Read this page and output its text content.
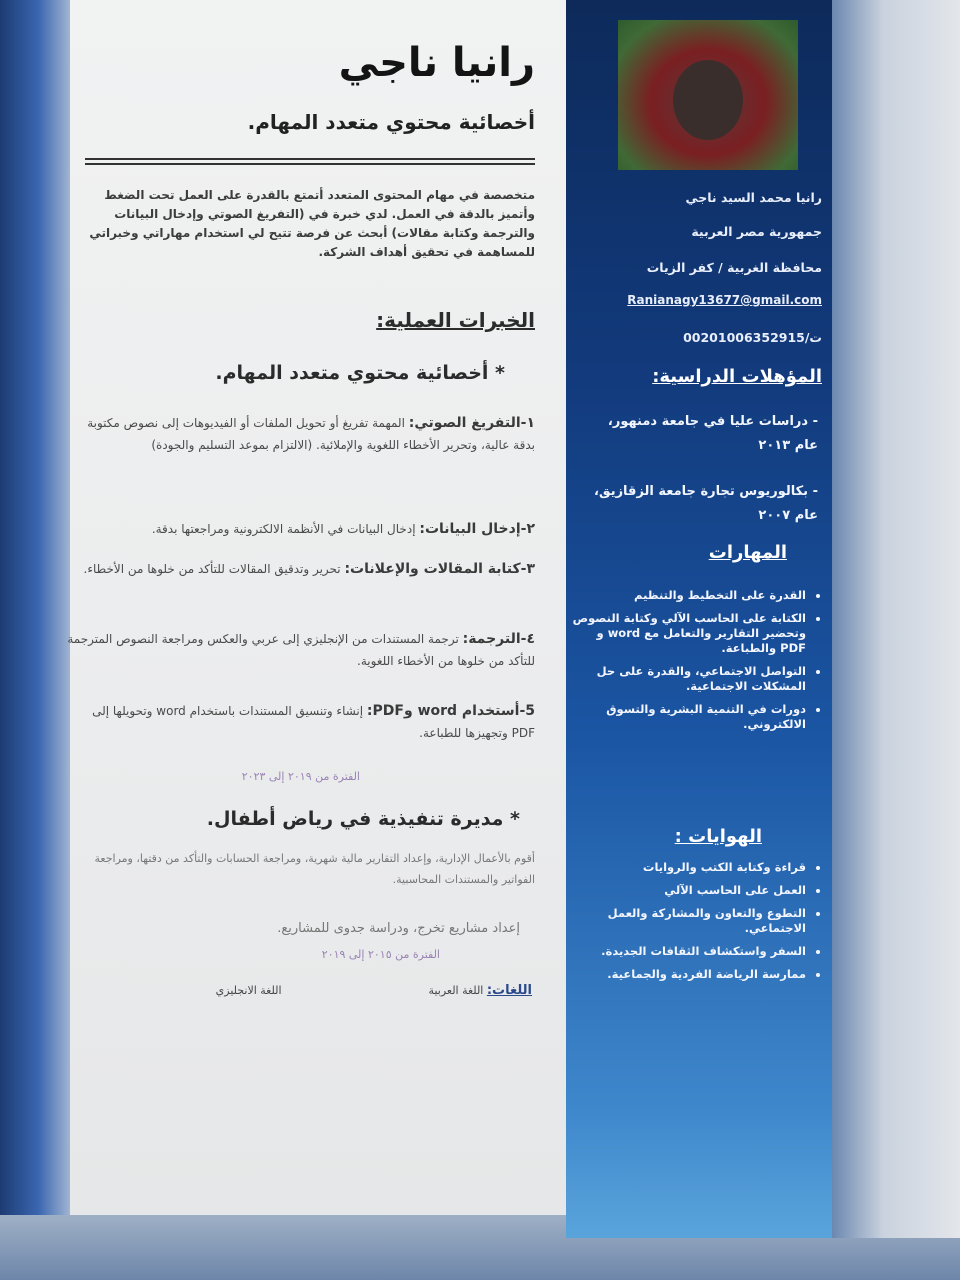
رانيا ناجي
أخصائية محتوي متعدد المهام.
متخصصة في مهام المحتوى المتعدد أتمتع بالقدرة على العمل تحت الضغط وأتميز بالدقة في العمل. لدي خبرة في (التفريغ الصوتي وإدخال البيانات والترجمة وكتابة مقالات) أبحث عن فرصة تتيح لي استخدام مهاراتي وخبراتي للمساهمة في تحقيق أهداف الشركة.
الخبرات العملية:
* أخصائية محتوي متعدد المهام.
١-التفريغ الصوتي: المهمة تفريغ أو تحويل الملفات أو الفيديوهات إلى نصوص مكتوبة بدقة عالية، وتحرير الأخطاء اللغوية والإملائية. (الالتزام بموعد التسليم والجودة)
٢-إدخال البيانات: إدخال البيانات في الأنظمة الالكترونية ومراجعتها بدقة.
٣-كتابة المقالات والإعلانات: تحرير وتدقيق المقالات للتأكد من خلوها من الأخطاء.
٤-الترجمة: ترجمة المستندات من الإنجليزي إلى عربي والعكس ومراجعة النصوص المترجمة للتأكد من خلوها من الأخطاء اللغوية.
5-أستخدام word وPDF: إنشاء وتنسيق المستندات باستخدام word وتحويلها إلى PDF وتجهيزها للطباعة.
الفترة من ٢٠١٩ إلى ٢٠٢٣
* مديرة تنفيذية في رياض أطفال.
أقوم بالأعمال الإدارية، وإعداد التقارير مالية شهرية، ومراجعة الحسابات والتأكد من دقتها، ومراجعة الفواتير والمستندات المحاسبية.
إعداد مشاريع تخرج، ودراسة جدوى للمشاريع.
الفترة من ٢٠١٥ إلى ٢٠١٩
اللغات: اللغة العربية  اللغة الانجليزي
رانيا محمد السيد ناجي
جمهورية مصر العربية
محافظة الغربية / كفر الزيات
Ranianagy13677@gmail.com
ت/00201006352915
المؤهلات الدراسية:
- دراسات عليا في جامعة دمنهور، عام ٢٠١٣
- بكالوريوس تجارة جامعة الزقازيق، عام ٢٠٠٧
المهارات
• القدرة على التخطيط والتنظيم
• الكتابة على الحاسب الآلي وكتابة النصوص وتحضير التقارير والتعامل مع word و PDF والطباعة.
• التواصل الاجتماعي، والقدرة على حل المشكلات الاجتماعية.
• دورات في التنمية البشرية والتسوق الالكتروني.
الهوايات :
• قراءة وكتابة الكتب والروايات
• العمل على الحاسب الآلي
• التطوع والتعاون والمشاركة والعمل الاجتماعي.
• السفر واستكشاف الثقافات الجديدة.
• ممارسة الرياضة الفردية والجماعية.
